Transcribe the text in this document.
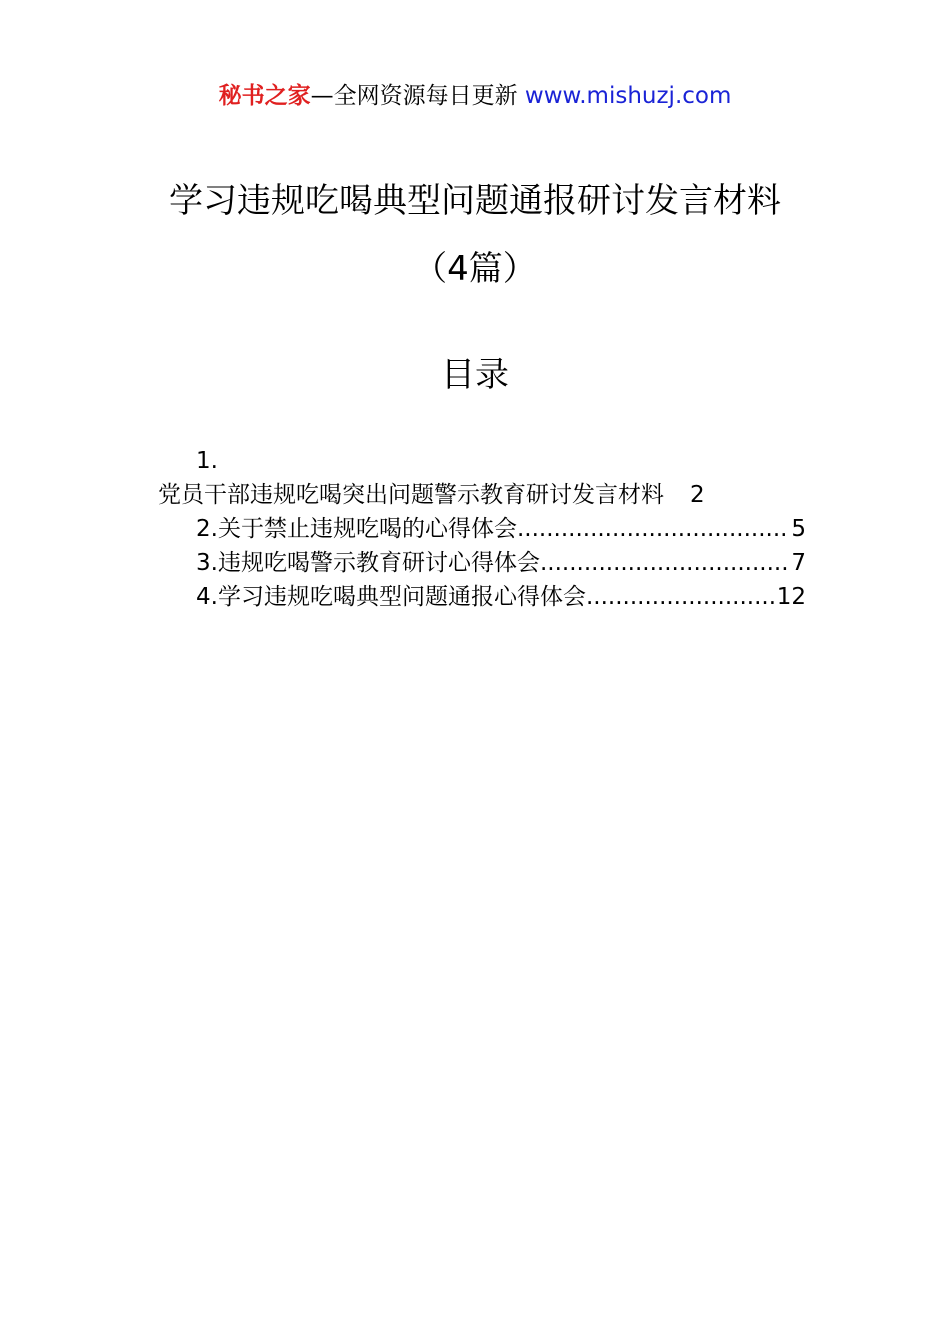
秘书之家—全网资源每日更新 www.mishuzj.com
学习违规吃喝典型问题通报研讨发言材料
（4篇）
目录
1.
党员干部违规吃喝突出问题警示教育研讨发言材料 2
2.关于禁止违规吃喝的心得体会 .....	5
3.违规吃喝警示教育研讨心得体会 .....	7
4.学习违规吃喝典型问题通报心得体会 .....	12
